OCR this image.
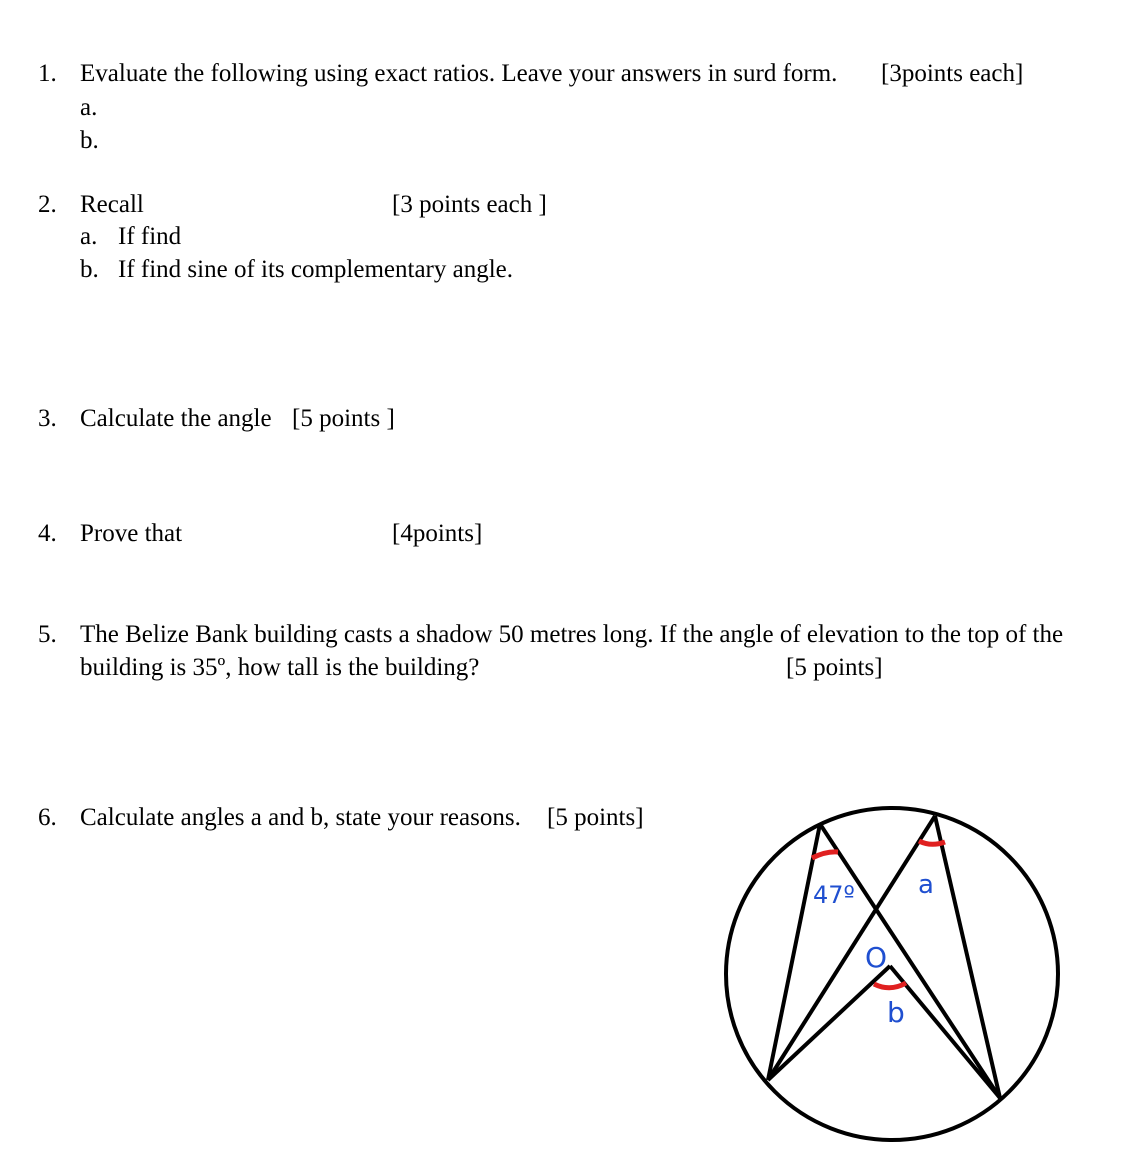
1. Evaluate the following using exact ratios. Leave your answers in surd form. [3points each]
a.
b.
2. Recall	[3 points each ]
a. If find
b. If find sine of its complementary angle.
3. Calculate the angle [5 points ]
4. Prove that	[4points]
5. The Belize Bank building casts a shadow 50 metres long. If the angle of elevation to the top of the
building is 35º, how tall is the building?	[5 points]
6. Calculate angles a and b, state your reasons. [5 points]
47º a
O
b
